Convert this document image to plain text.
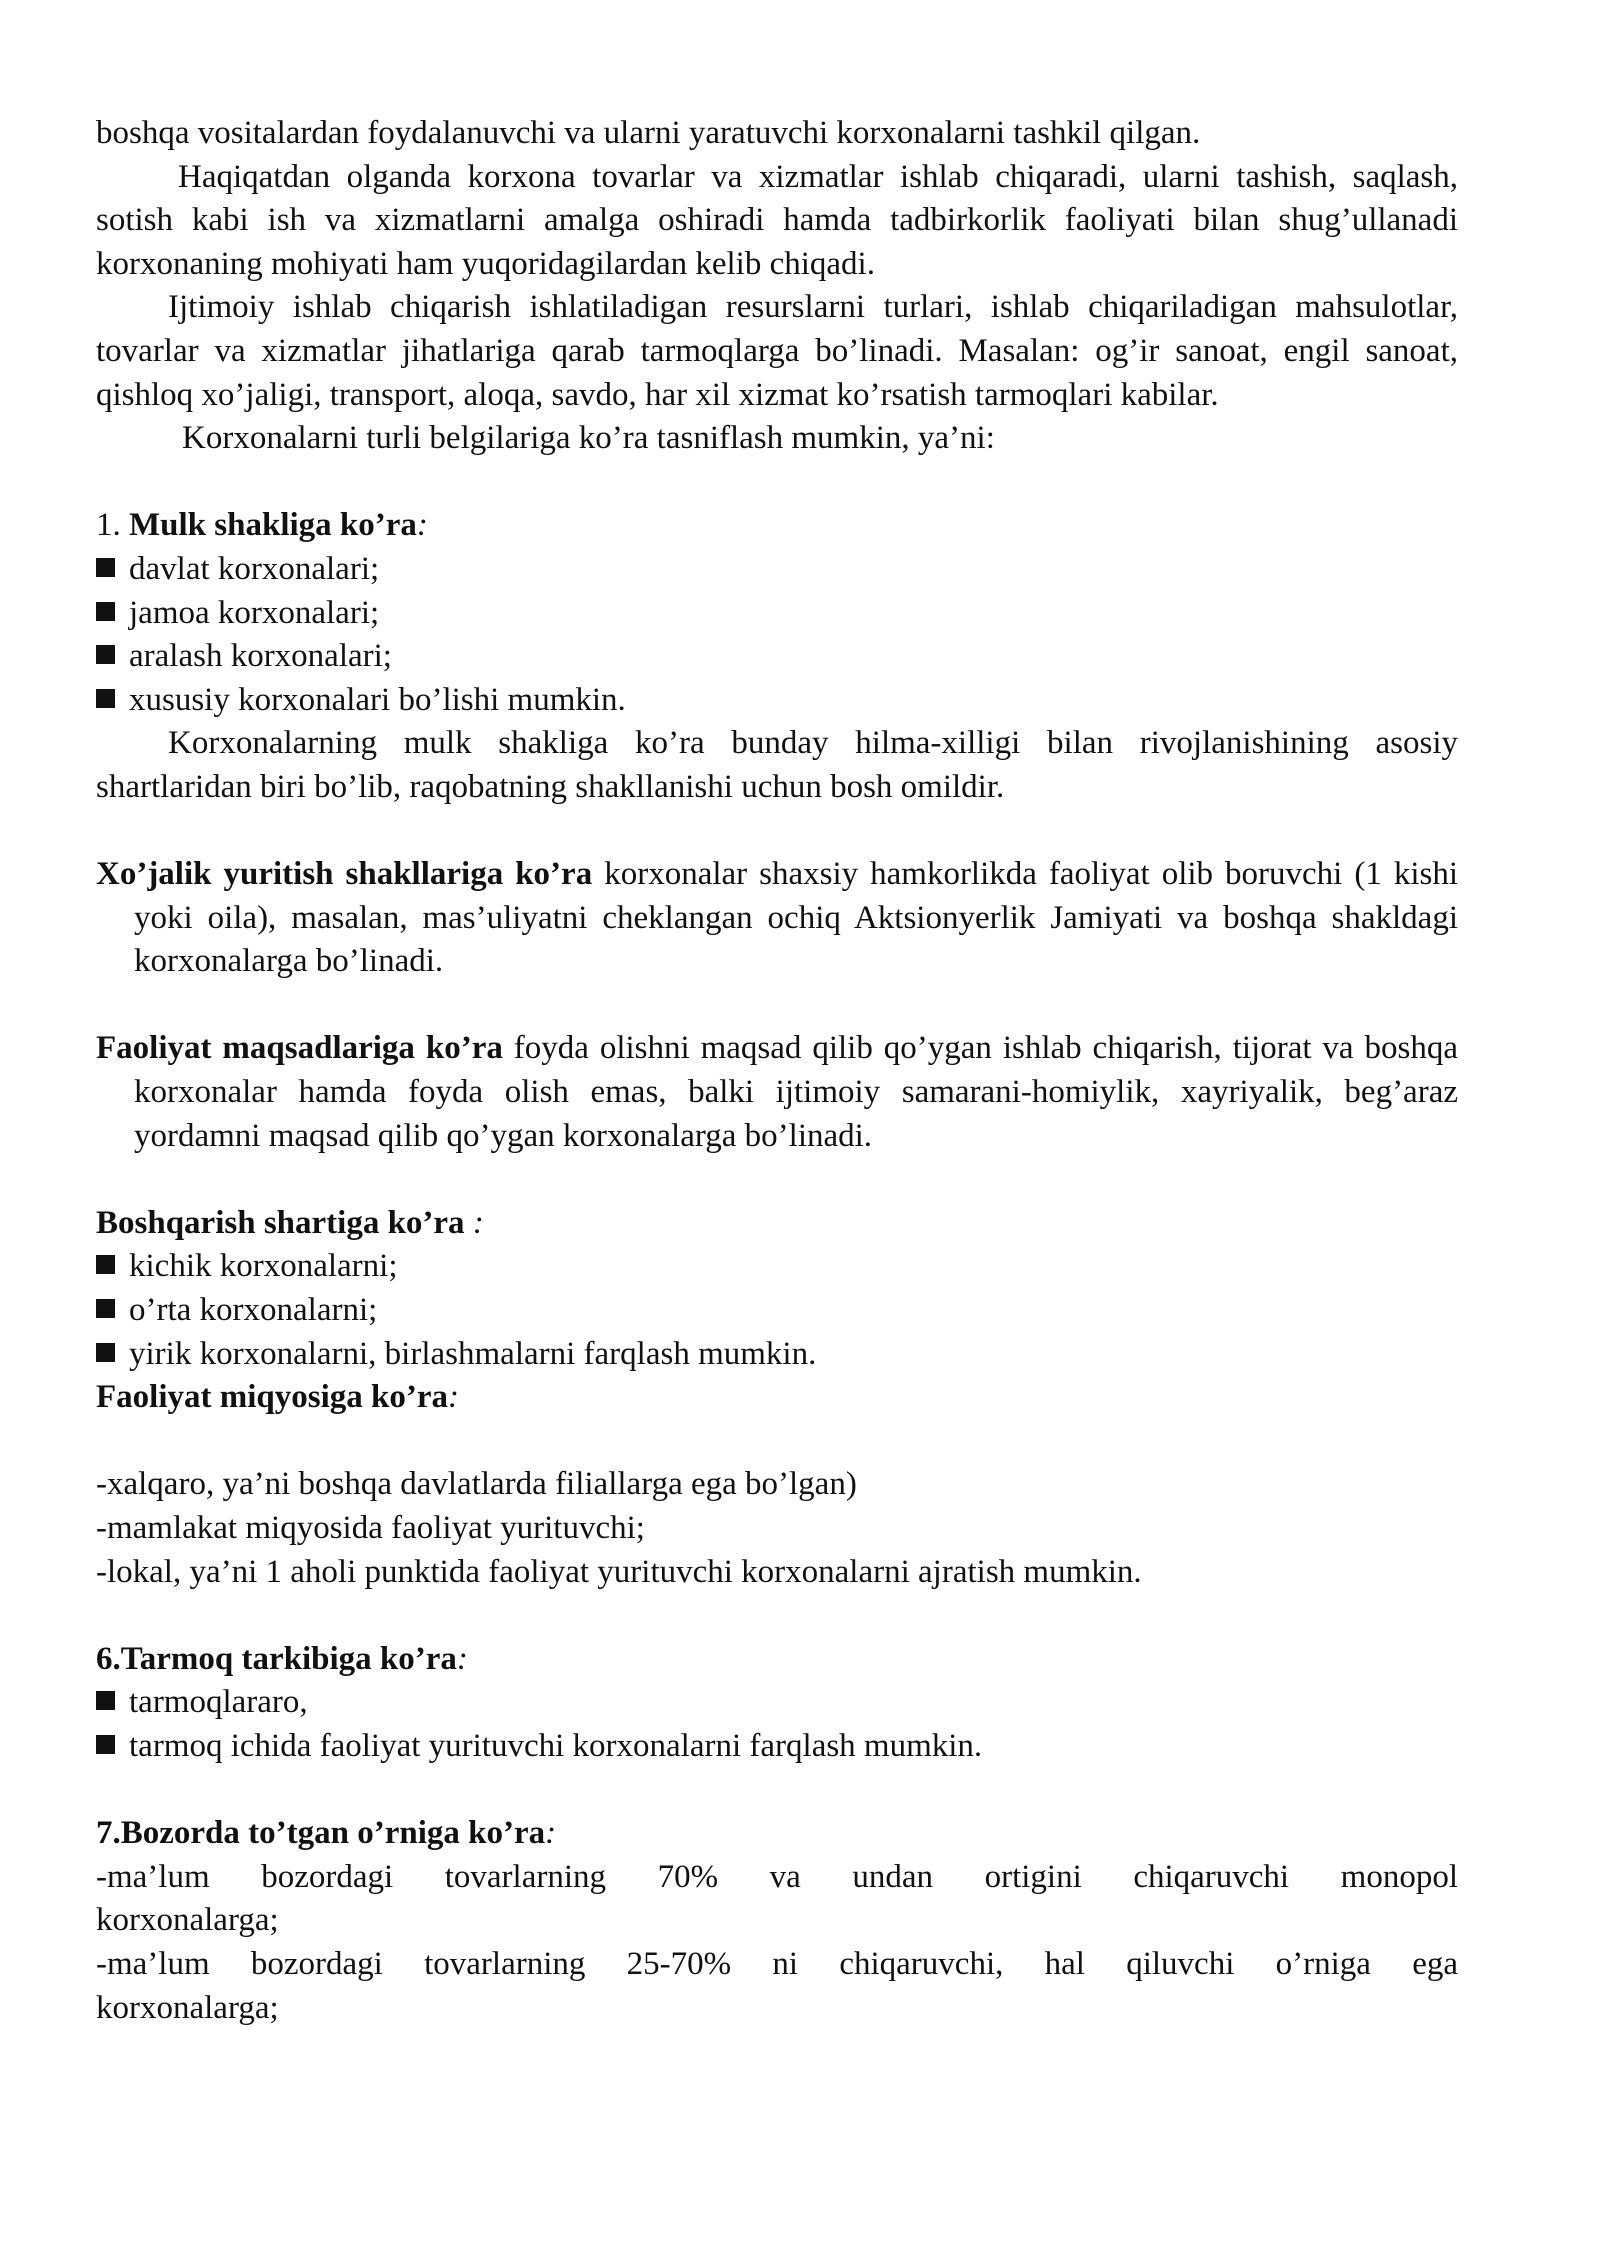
boshqa vositalardan foydalanuvchi va ularni yaratuvchi korxonalarni tashkil qilgan.

Haqiqatdan olganda korxona tovarlar va xizmatlar ishlab chiqaradi, ularni tashish, saqlash, sotish kabi ish va xizmatlarni amalga oshiradi hamda tadbirkorlik faoliyati bilan shug’ullanadi korxonaning mohiyati ham yuqoridagilardan kelib chiqadi.

Ijtimoiy ishlab chiqarish ishlatiladigan resurslarni turlari, ishlab chiqariladigan mahsulotlar, tovarlar va xizmatlar jihatlariga qarab tarmoqlarga bo’linadi. Masalan: og’ir sanoat, engil sanoat, qishloq xo’jaligi, transport, aloqa, savdo, har xil xizmat ko’rsatish tarmoqlari kabilar.

Korxonalarni turli belgilariga ko’ra tasniflash mumkin, ya’ni:

1. Mulk shakliga ko’ra:

davlat korxonalari;

jamoa korxonalari;

aralash korxonalari;

xususiy korxonalari bo’lishi mumkin.

Korxonalarning mulk shakliga ko’ra bunday hilma-xilligi bilan rivojlanishining asosiy shartlaridan biri bo’lib, raqobatning shakllanishi uchun bosh omildir.

Xo’jalik yuritish shakllariga ko’ra korxonalar shaxsiy hamkorlikda faoliyat olib boruvchi (1 kishi yoki oila), masalan, mas’uliyatni cheklangan ochiq Aktsionyerlik Jamiyati va boshqa shakldagi korxonalarga bo’linadi.

Faoliyat maqsadlariga ko’ra foyda olishni maqsad qilib qo’ygan ishlab chiqarish, tijorat va boshqa korxonalar hamda foyda olish emas, balki ijtimoiy samarani-homiylik, xayriyalik, beg’araz yordamni maqsad qilib qo’ygan korxonalarga bo’linadi.

Boshqarish shartiga ko’ra :

kichik korxonalarni;

o’rta korxonalarni;

yirik korxonalarni, birlashmalarni farqlash mumkin.

Faoliyat miqyosiga ko’ra:

-xalqaro, ya’ni boshqa davlatlarda filiallarga ega bo’lgan)

-mamlakat miqyosida faoliyat yurituvchi;

-lokal, ya’ni 1 aholi punktida faoliyat yurituvchi korxonalarni ajratish mumkin.

6.Tarmoq tarkibiga ko’ra:

tarmoqlararo,

tarmoq ichida faoliyat yurituvchi korxonalarni farqlash mumkin.

7.Bozorda to’tgan o’rniga ko’ra:

-ma’lum bozordagi tovarlarning 70% va undan ortigini chiqaruvchi monopol

korxonalarga;

-ma’lum bozordagi tovarlarning 25-70% ni chiqaruvchi, hal qiluvchi o’rniga ega

korxonalarga;
